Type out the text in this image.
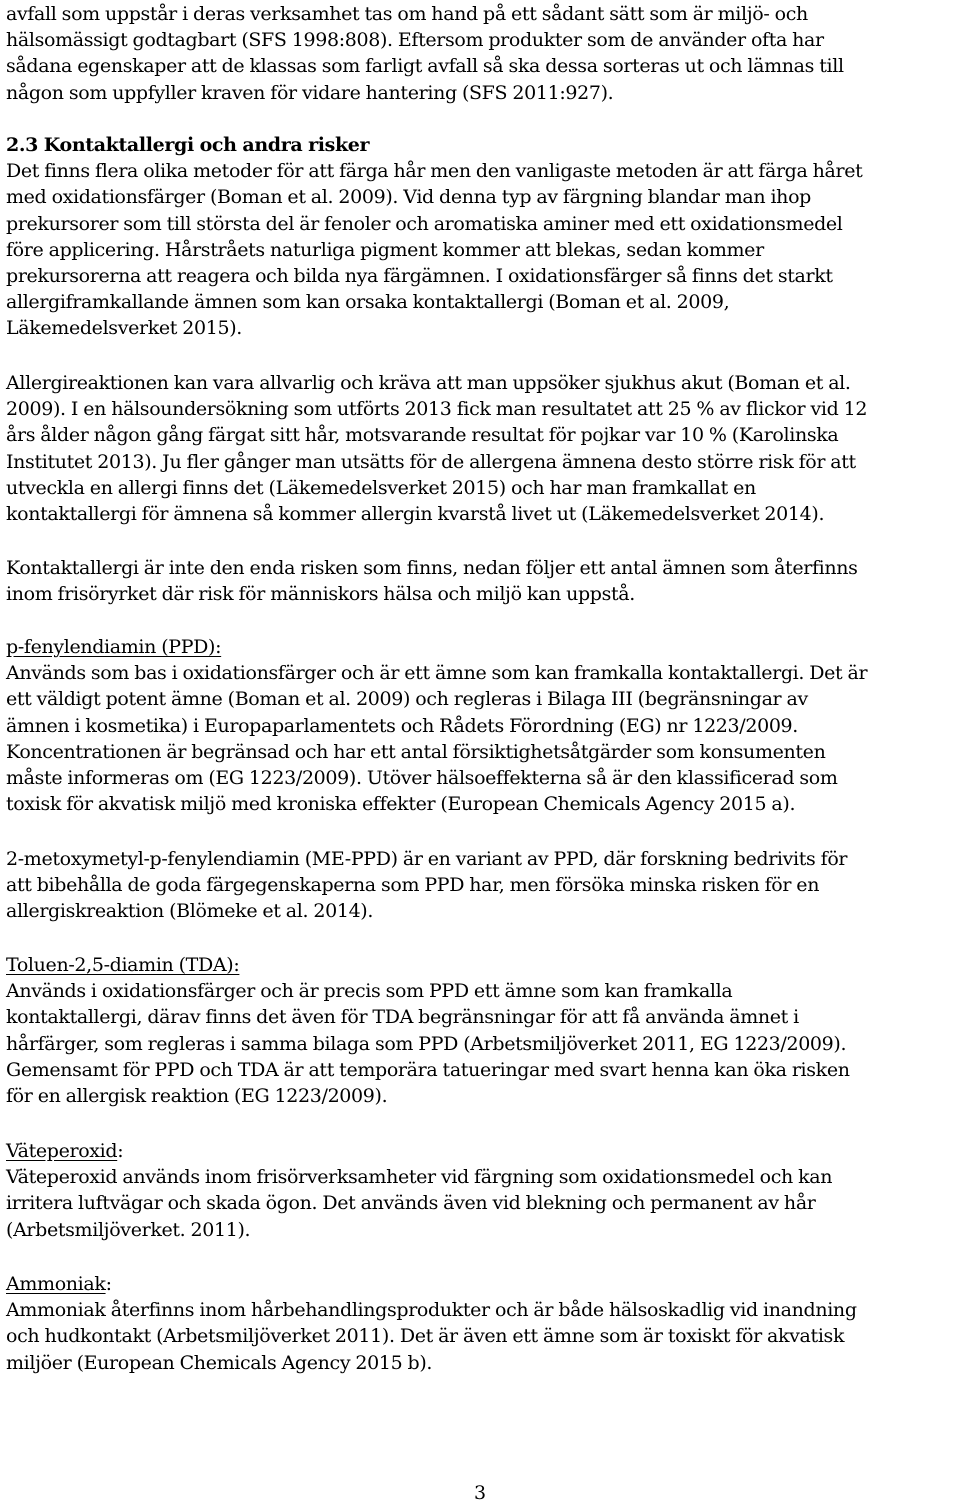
avfall som uppstår i deras verksamhet tas om hand på ett sådant sätt som är miljö- och

hälsomässigt godtagbart (SFS 1998:808). Eftersom produkter som de använder ofta har

sådana egenskaper att de klassas som farligt avfall så ska dessa sorteras ut och lämnas till

någon som uppfyller kraven för vidare hantering (SFS 2011:927).

2.3 Kontaktallergi och andra risker

Det finns flera olika metoder för att färga hår men den vanligaste metoden är att färga håret

med oxidationsfärger (Boman et al. 2009). Vid denna typ av färgning blandar man ihop

prekursorer som till största del är fenoler och aromatiska aminer med ett oxidationsmedel

före applicering. Hårstråets naturliga pigment kommer att blekas, sedan kommer

prekursorerna att reagera och bilda nya färgämnen. I oxidationsfärger så finns det starkt

allergiframkallande ämnen som kan orsaka kontaktallergi (Boman et al. 2009,

Läkemedelsverket 2015).

Allergireaktionen kan vara allvarlig och kräva att man uppsöker sjukhus akut (Boman et al.

2009). I en hälsoundersökning som utförts 2013 fick man resultatet att 25 % av flickor vid 12

års ålder någon gång färgat sitt hår, motsvarande resultat för pojkar var 10 % (Karolinska

Institutet 2013). Ju fler gånger man utsätts för de allergena ämnena desto större risk för att

utveckla en allergi finns det (Läkemedelsverket 2015) och har man framkallat en

kontaktallergi för ämnena så kommer allergin kvarstå livet ut (Läkemedelsverket 2014).

Kontaktallergi är inte den enda risken som finns, nedan följer ett antal ämnen som återfinns

inom frisöryrket där risk för människors hälsa och miljö kan uppstå.

p-fenylendiamin (PPD):

Används som bas i oxidationsfärger och är ett ämne som kan framkalla kontaktallergi. Det är

ett väldigt potent ämne (Boman et al. 2009) och regleras i Bilaga III (begränsningar av

ämnen i kosmetika) i Europaparlamentets och Rådets Förordning (EG) nr 1223/2009.

Koncentrationen är begränsad och har ett antal försiktighetsåtgärder som konsumenten

måste informeras om (EG 1223/2009). Utöver hälsoeffekterna så är den klassificerad som

toxisk för akvatisk miljö med kroniska effekter (European Chemicals Agency 2015 a).

2-metoxymetyl-p-fenylendiamin (ME-PPD) är en variant av PPD, där forskning bedrivits för

att bibehålla de goda färgegenskaperna som PPD har, men försöka minska risken för en

allergiskreaktion (Blömeke et al. 2014).

Toluen-2,5-diamin (TDA):

Används i oxidationsfärger och är precis som PPD ett ämne som kan framkalla

kontaktallergi, därav finns det även för TDA begränsningar för att få använda ämnet i

hårfärger, som regleras i samma bilaga som PPD (Arbetsmiljöverket 2011, EG 1223/2009).

Gemensamt för PPD och TDA är att temporära tatueringar med svart henna kan öka risken

för en allergisk reaktion (EG 1223/2009).

Väteperoxid:

Väteperoxid används inom frisörverksamheter vid färgning som oxidationsmedel och kan

irritera luftvägar och skada ögon. Det används även vid blekning och permanent av hår

(Arbetsmiljöverket. 2011).

Ammoniak:

Ammoniak återfinns inom hårbehandlingsprodukter och är både hälsoskadlig vid inandning

och hudkontakt (Arbetsmiljöverket 2011). Det är även ett ämne som är toxiskt för akvatisk

miljöer (European Chemicals Agency 2015 b).

3
